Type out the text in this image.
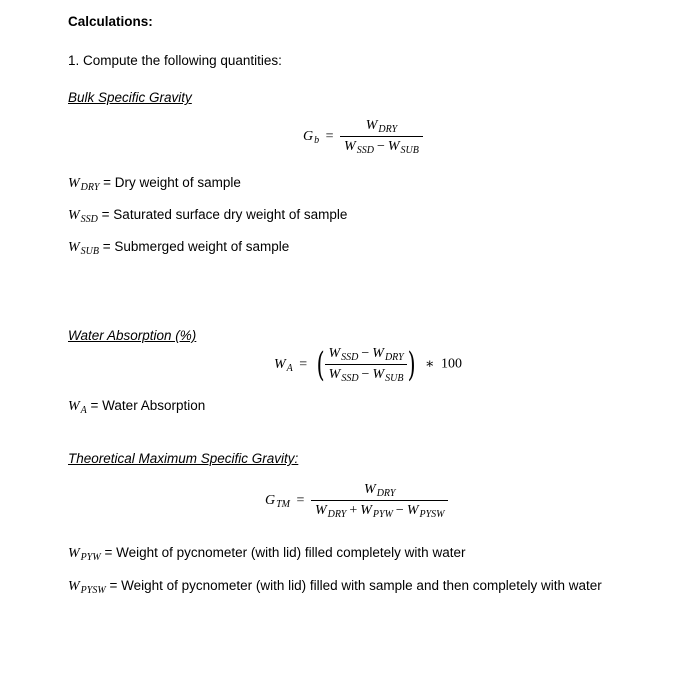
Calculations:
1. Compute the following quantities:
Bulk Specific Gravity
$G_b = \frac{W_{DRY}}{W_{SSD} - W_{SUB}}$
$W_{DRY}$ = Dry weight of sample
$W_{SSD}$ = Saturated surface dry weight of sample
$W_{SUB}$ = Submerged weight of sample
Water Absorption (%)
$W_A$ = ( $\frac{W_{SSD} - W_{DRY}}{W_{SSD} - W_{SUB}}$ ) ∗ 100
$W_A$ = Water Absorption
Theoretical Maximum Specific Gravity:
$G_{TM} = \frac{W_{DRY}}{W_{DRY} + W_{PYW} - W_{PYSW}}$
$W_{PYW}$ = Weight of pycnometer (with lid) filled completely with water
$W_{PYSW}$ = Weight of pycnometer (with lid) filled with sample and then completely with water
